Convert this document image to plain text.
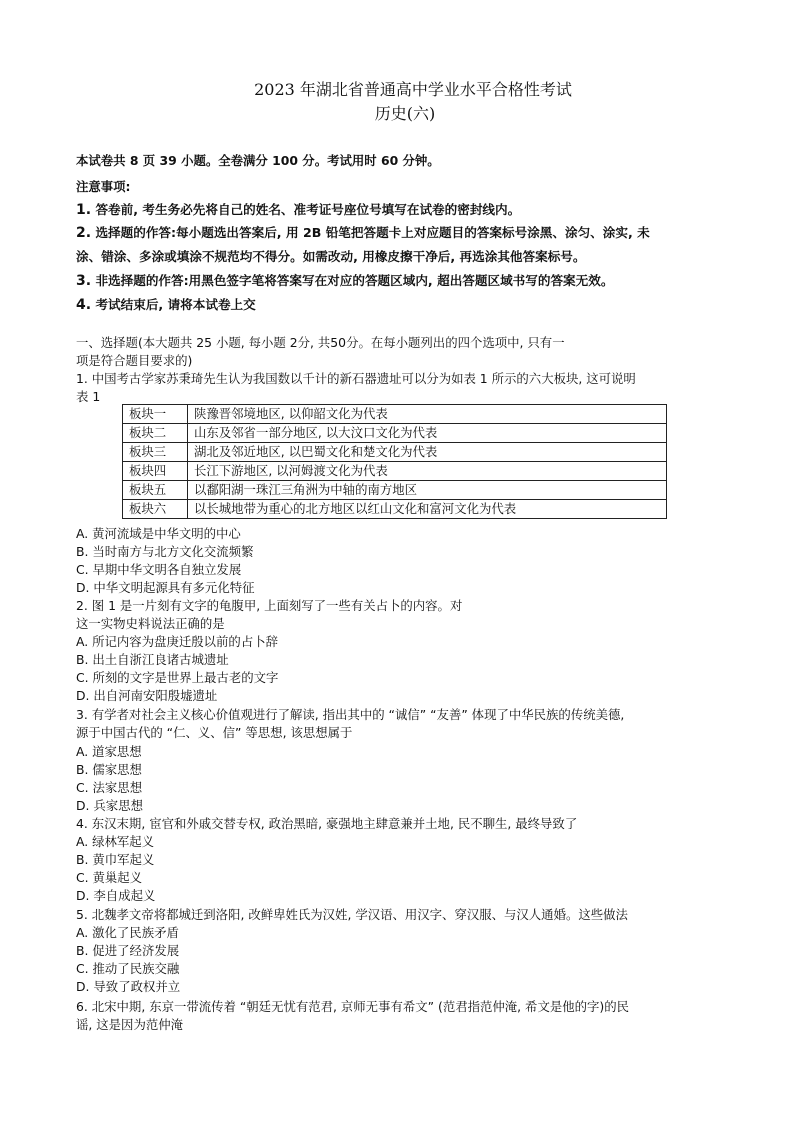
2023 年湖北省普通高中学业水平合格性考试
历史(六)
本试卷共 8 页 39 小题。全卷满分 100 分。考试用时 60 分钟。
注意事项:
1. 答卷前, 考生务必先将自己的姓名、准考证号座位号填写在试卷的密封线内。
2. 选择题的作答:每小题选出答案后, 用 2B 铅笔把答题卡上对应题目的答案标号涂黑、涂匀、涂实, 未
涂、错涂、多涂或填涂不规范均不得分。如需改动, 用橡皮擦干净后, 再选涂其他答案标号。
3. 非选择题的作答:用黑色签字笔将答案写在对应的答题区域内, 超出答题区域书写的答案无效。
4. 考试结束后, 请将本试卷上交
一、选择题(本大题共 25 小题, 每小题 2分, 共50分。在每小题列出的四个选项中, 只有一
项是符合题目要求的)
1. 中国考古学家苏秉琦先生认为我国数以千计的新石器遗址可以分为如表 1 所示的六大板块, 这可说明
表 1
板块一	陕豫晋邻境地区, 以仰韶文化为代表
板块二	山东及邻省一部分地区, 以大汶口文化为代表
板块三	湖北及邻近地区, 以巴蜀文化和楚文化为代表
板块四	长江下游地区, 以河姆渡文化为代表
板块五	以鄱阳湖一珠江三角洲为中轴的南方地区
板块六	以长城地带为重心的北方地区以红山文化和富河文化为代表
A. 黄河流域是中华文明的中心
B. 当时南方与北方文化交流频繁
C. 早期中华文明各自独立发展
D. 中华文明起源具有多元化特征
2. 图 1 是一片刻有文字的龟腹甲, 上面刻写了一些有关占卜的内容。对
这一实物史料说法正确的是
A. 所记内容为盘庚迁殷以前的占卜辞
B. 出土自浙江良诸古城遗址
C. 所刻的文字是世界上最古老的文字
D. 出自河南安阳殷墟遗址
3. 有学者对社会主义核心价值观进行了解读, 指出其中的 “诚信” “友善” 体现了中华民族的传统美德,
源于中国古代的 “仁、义、信” 等思想, 该思想属于
A. 道家思想
B. 儒家思想
C. 法家思想
D. 兵家思想
4. 东汉末期, 宦官和外戚交替专权, 政治黑暗, 豪强地主肆意兼并土地, 民不聊生, 最终导致了
A. 绿林军起义
B. 黄巾军起义
C. 黄巢起义
D. 李自成起义
5. 北魏孝文帝将都城迁到洛阳, 改鲜卑姓氏为汉姓, 学汉语、用汉字、穿汉服、与汉人通婚。这些做法
A. 激化了民族矛盾
B. 促进了经济发展
C. 推动了民族交融
D. 导致了政权并立
6. 北宋中期, 东京一带流传着 “朝廷无忧有范君, 京师无事有希文” (范君指范仲淹, 希文是他的字)的民
谣, 这是因为范仲淹
